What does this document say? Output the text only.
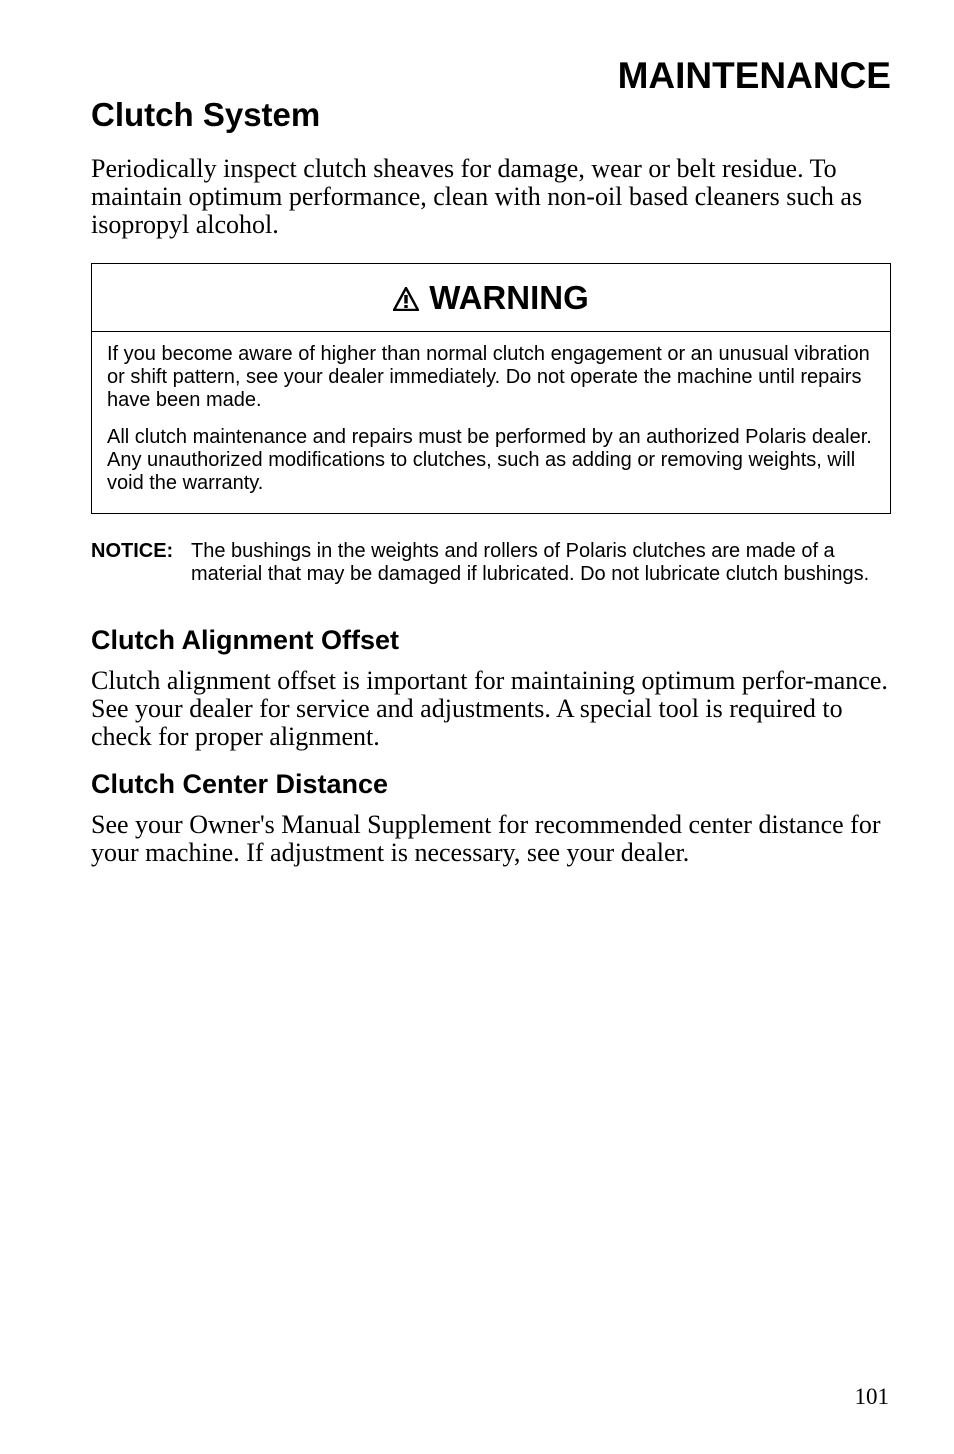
MAINTENANCE
Clutch System

Periodically inspect clutch sheaves for damage, wear or belt residue. To maintain optimum performance, clean with non-oil based cleaners such as isopropyl alcohol.

WARNING

If you become aware of higher than normal clutch engagement or an unusual vibration or shift pattern, see your dealer immediately. Do not operate the machine until repairs have been made.

All clutch maintenance and repairs must be performed by an authorized Polaris dealer. Any unauthorized modifications to clutches, such as adding or removing weights, will void the warranty.

NOTICE: The bushings in the weights and rollers of Polaris clutches are made of a material that may be damaged if lubricated. Do not lubricate clutch bushings.
Clutch Alignment Offset

Clutch alignment offset is important for maintaining optimum perfor-mance. See your dealer for service and adjustments. A special tool is required to check for proper alignment.

Clutch Center Distance

See your Owner's Manual Supplement for recommended center distance for your machine. If adjustment is necessary, see your dealer.

101
